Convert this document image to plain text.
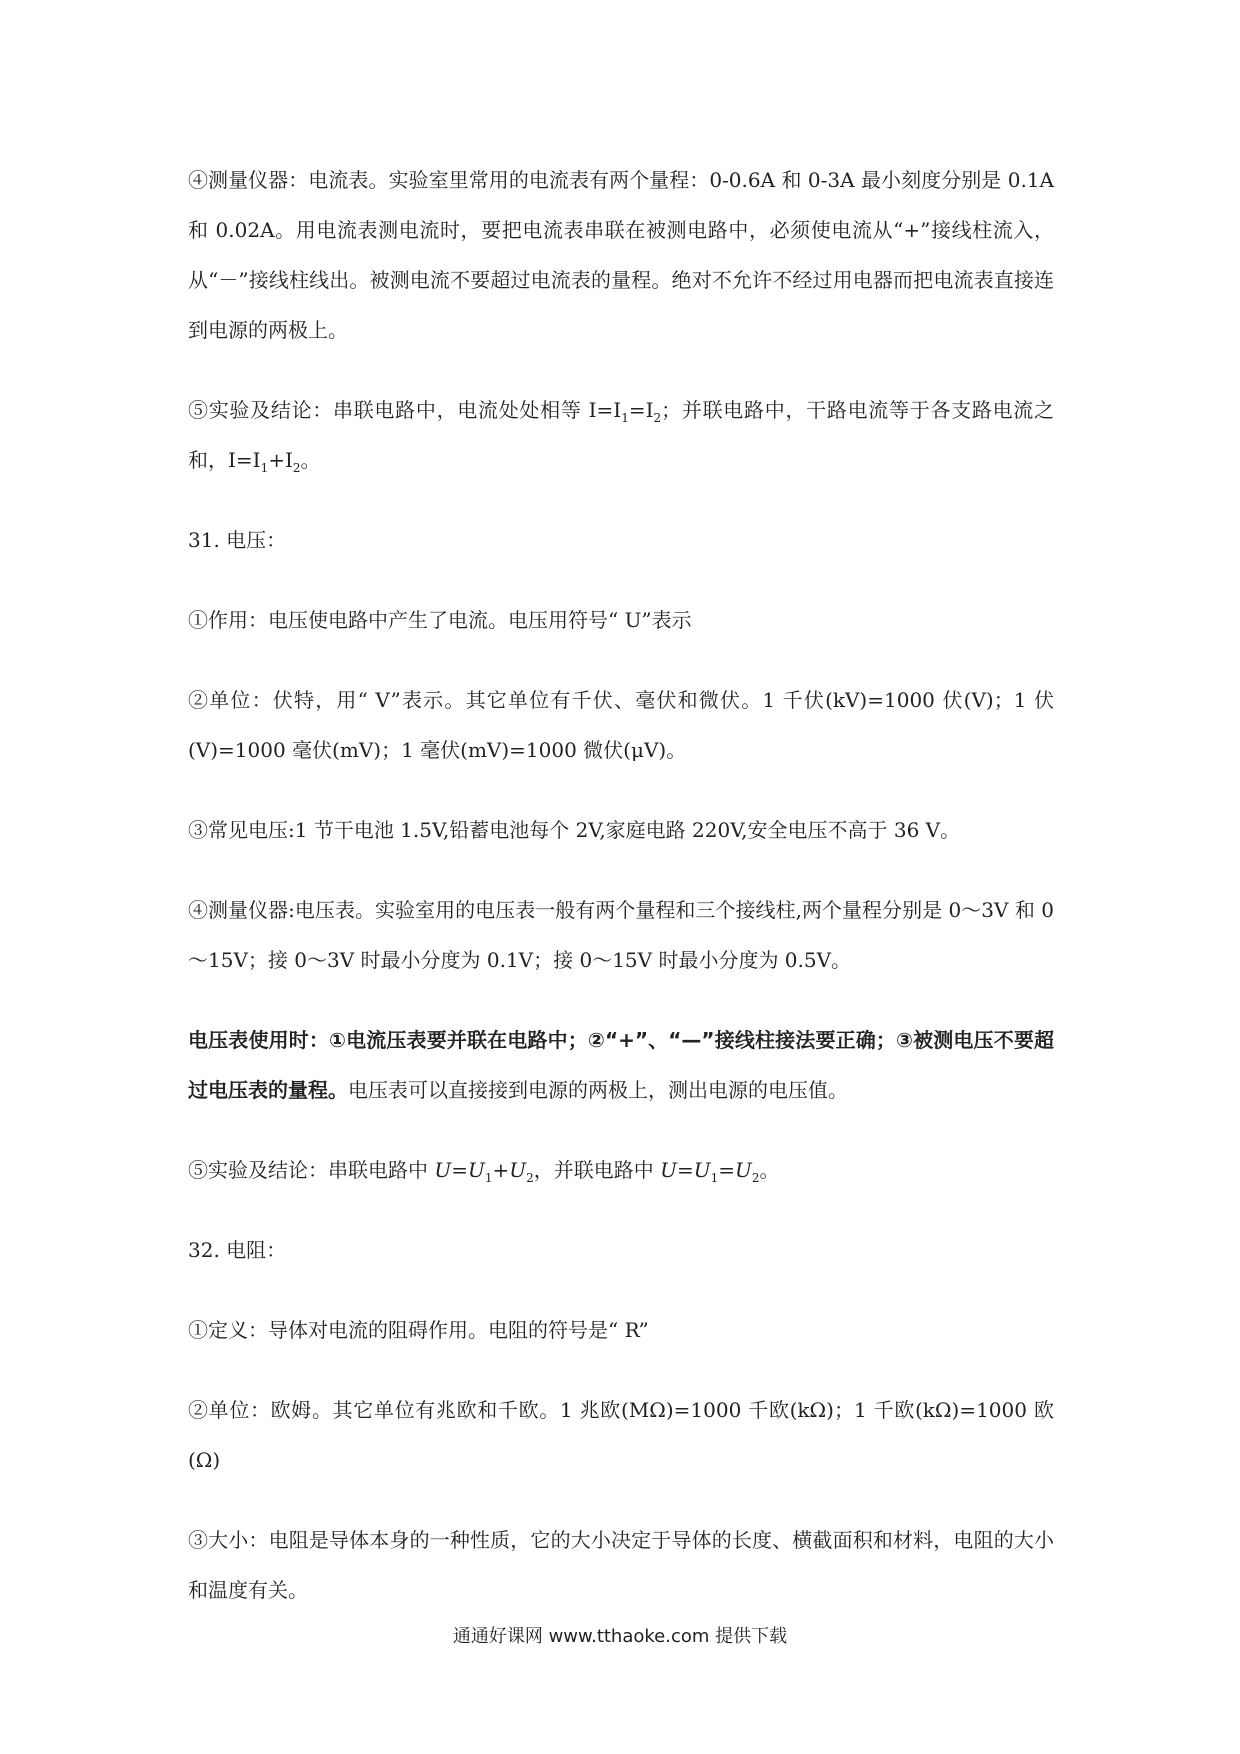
④测量仪器：电流表。实验室里常用的电流表有两个量程：0-0.6A 和 0-3A 最小刻度分别是 0.1A 和 0.02A。用电流表测电流时，要把电流表串联在被测电路中，必须使电流从“+”接线柱流入，从“－”接线柱线出。被测电流不要超过电流表的量程。绝对不允许不经过用电器而把电流表直接连到电源的两极上。

⑤实验及结论：串联电路中，电流处处相等 $I=I_1=I_2$；并联电路中，干路电流等于各支路电流之和，$I=I_1+I_2$。

31. 电压：

①作用：电压使电路中产生了电流。电压用符号“ U”表示

②单位：伏特，用“ V”表示。其它单位有千伏、毫伏和微伏。1 千伏(kV)=1000 伏(V)；1 伏(V)=1000 毫伏(mV)；1 毫伏(mV)=1000 微伏(μV)。

③常见电压:1 节干电池 1.5V,铅蓄电池每个 2V,家庭电路 220V,安全电压不高于 36 V。

④测量仪器:电压表。实验室用的电压表一般有两个量程和三个接线柱,两个量程分别是 0～3V 和 0～15V；接 0～3V 时最小分度为 0.1V；接 0～15V 时最小分度为 0.5V。

电压表使用时：①电流压表要并联在电路中；②“+”、“—”接线柱接法要正确；③被测电压不要超过电压表的量程。电压表可以直接接到电源的两极上，测出电源的电压值。

⑤实验及结论：串联电路中 $U=U_1+U_2$，并联电路中 $U=U_1=U_2$。

32. 电阻：

①定义：导体对电流的阻碍作用。电阻的符号是“ R”

②单位：欧姆。其它单位有兆欧和千欧。1 兆欧(MΩ)=1000 千欧(kΩ)；1 千欧(kΩ)=1000 欧(Ω)

③大小：电阻是导体本身的一种性质，它的大小决定于导体的长度、横截面积和材料，电阻的大小和温度有关。

通通好课网 www.tthaoke.com 提供下载
